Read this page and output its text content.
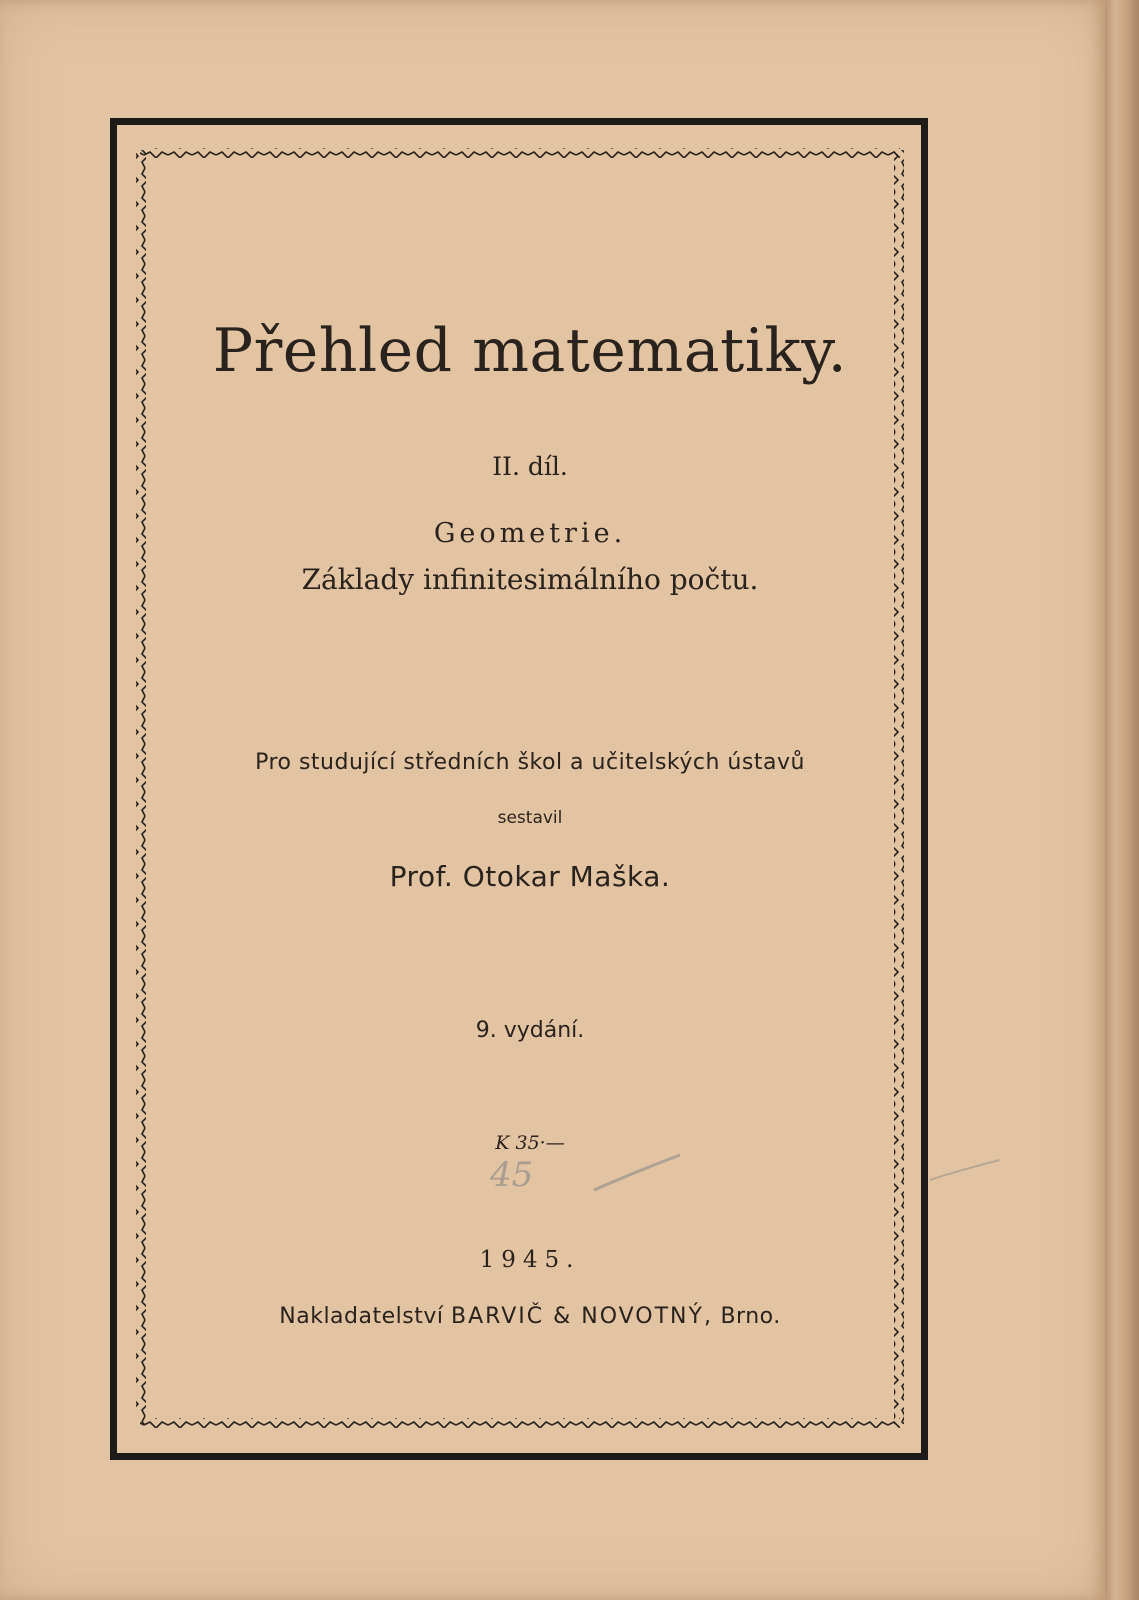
Přehled matematiky.
II. díl.
Geometrie.
Základy infinitesimálního počtu.
Pro studující středních škol a učitelských ústavů
sestavil
Prof. Otokar Maška.
9. vydání.
K 35·—
45
1945.
Nakladatelství BARVIČ & NOVOTNÝ, Brno.
